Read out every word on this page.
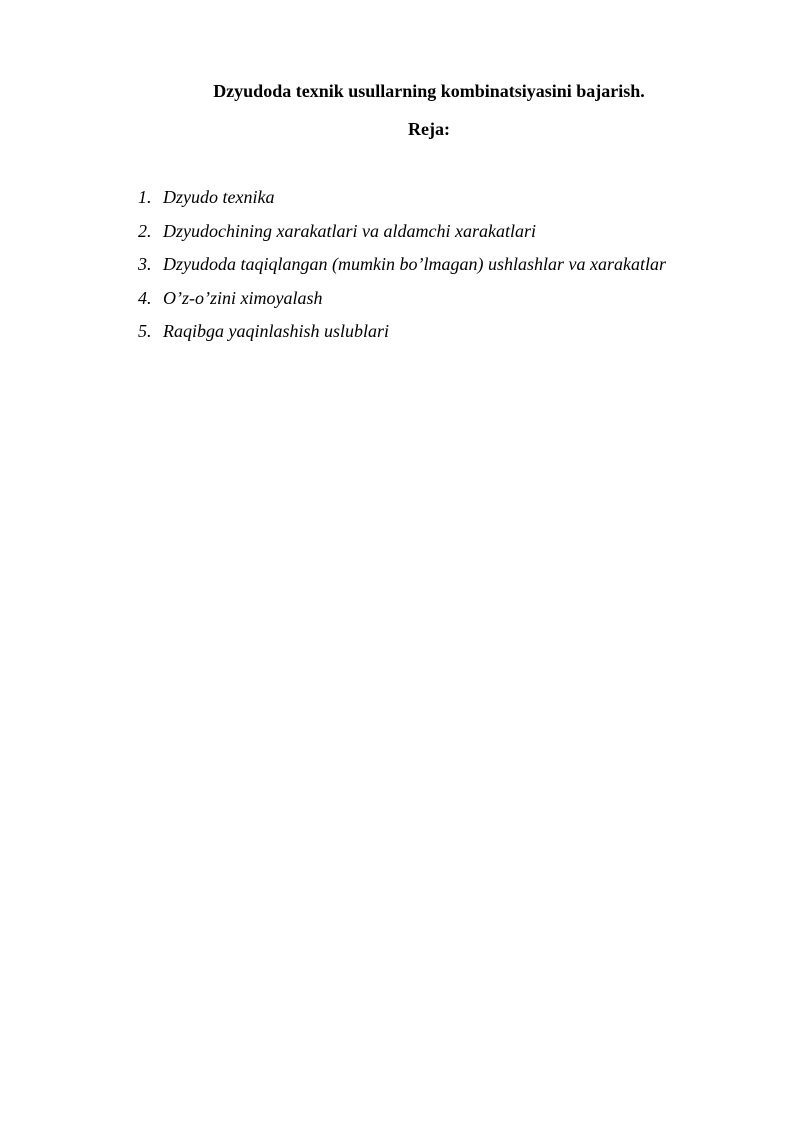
Dzyudoda texnik usullarning kombinatsiyasini bajarish.
Reja:
1. Dzyudo texnika
2. Dzyudochining xarakatlari va aldamchi xarakatlari
3. Dzyudoda taqiqlangan (mumkin bo’lmagan) ushlashlar va xarakatlar
4. O’z-o’zini ximoyalash
5. Raqibga yaqinlashish uslublari
